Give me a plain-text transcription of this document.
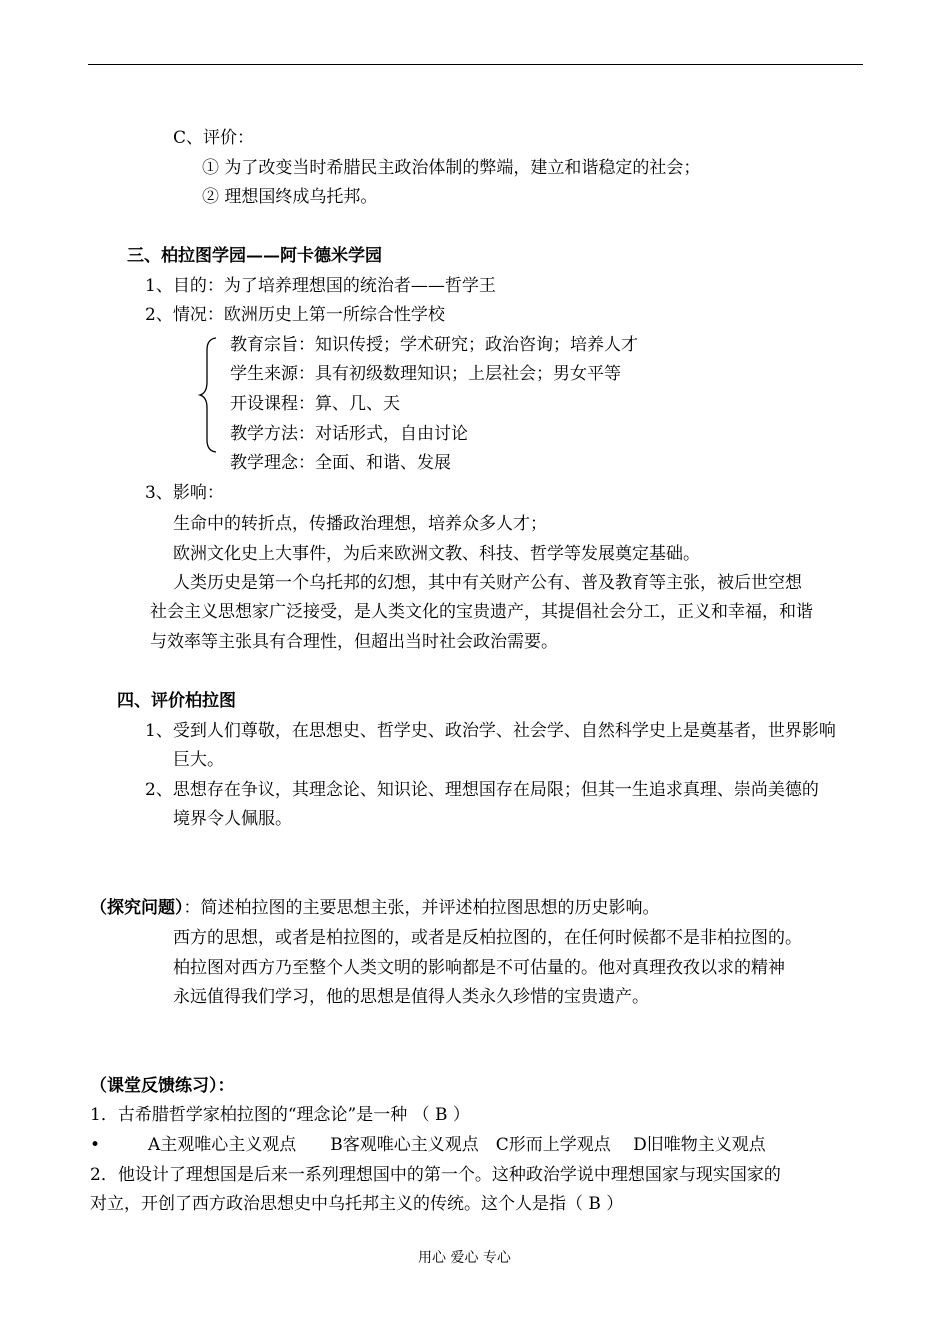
C、评价：
① 为了改变当时希腊民主政治体制的弊端，建立和谐稳定的社会；
② 理想国终成乌托邦。
三、柏拉图学园——阿卡德米学园
1、目的：为了培养理想国的统治者——哲学王
2、情况：欧洲历史上第一所综合性学校
教育宗旨：知识传授；学术研究；政治咨询；培养人才
学生来源：具有初级数理知识；上层社会；男女平等
开设课程：算、几、天
教学方法：对话形式，自由讨论
教学理念：全面、和谐、发展
3、影响：
生命中的转折点，传播政治理想，培养众多人才；
欧洲文化史上大事件，为后来欧洲文教、科技、哲学等发展奠定基础。
人类历史是第一个乌托邦的幻想，其中有关财产公有、普及教育等主张，被后世空想
社会主义思想家广泛接受，是人类文化的宝贵遗产，其提倡社会分工，正义和幸福，和谐
与效率等主张具有合理性，但超出当时社会政治需要。
四、评价柏拉图
1、受到人们尊敬，在思想史、哲学史、政治学、社会学、自然科学史上是奠基者，世界影响
巨大。
2、思想存在争议，其理念论、知识论、理想国存在局限；但其一生追求真理、崇尚美德的
境界令人佩服。
（探究问题）：简述柏拉图的主要思想主张，并评述柏拉图思想的历史影响。
西方的思想，或者是柏拉图的，或者是反柏拉图的，在任何时候都不是非柏拉图的。
柏拉图对西方乃至整个人类文明的影响都是不可估量的。他对真理孜孜以求的精神
永远值得我们学习，他的思想是值得人类永久珍惜的宝贵遗产。
（课堂反馈练习）：
1．古希腊哲学家柏拉图的“理念论”是一种 （ B ）
•	A主观唯心主义观点　　B客观唯心主义观点　C形而上学观点　 D旧唯物主义观点
2．他设计了理想国是后来一系列理想国中的第一个。这种政治学说中理想国家与现实国家的
对立，开创了西方政治思想史中乌托邦主义的传统。这个人是指（ B ）
用心 爱心 专心
